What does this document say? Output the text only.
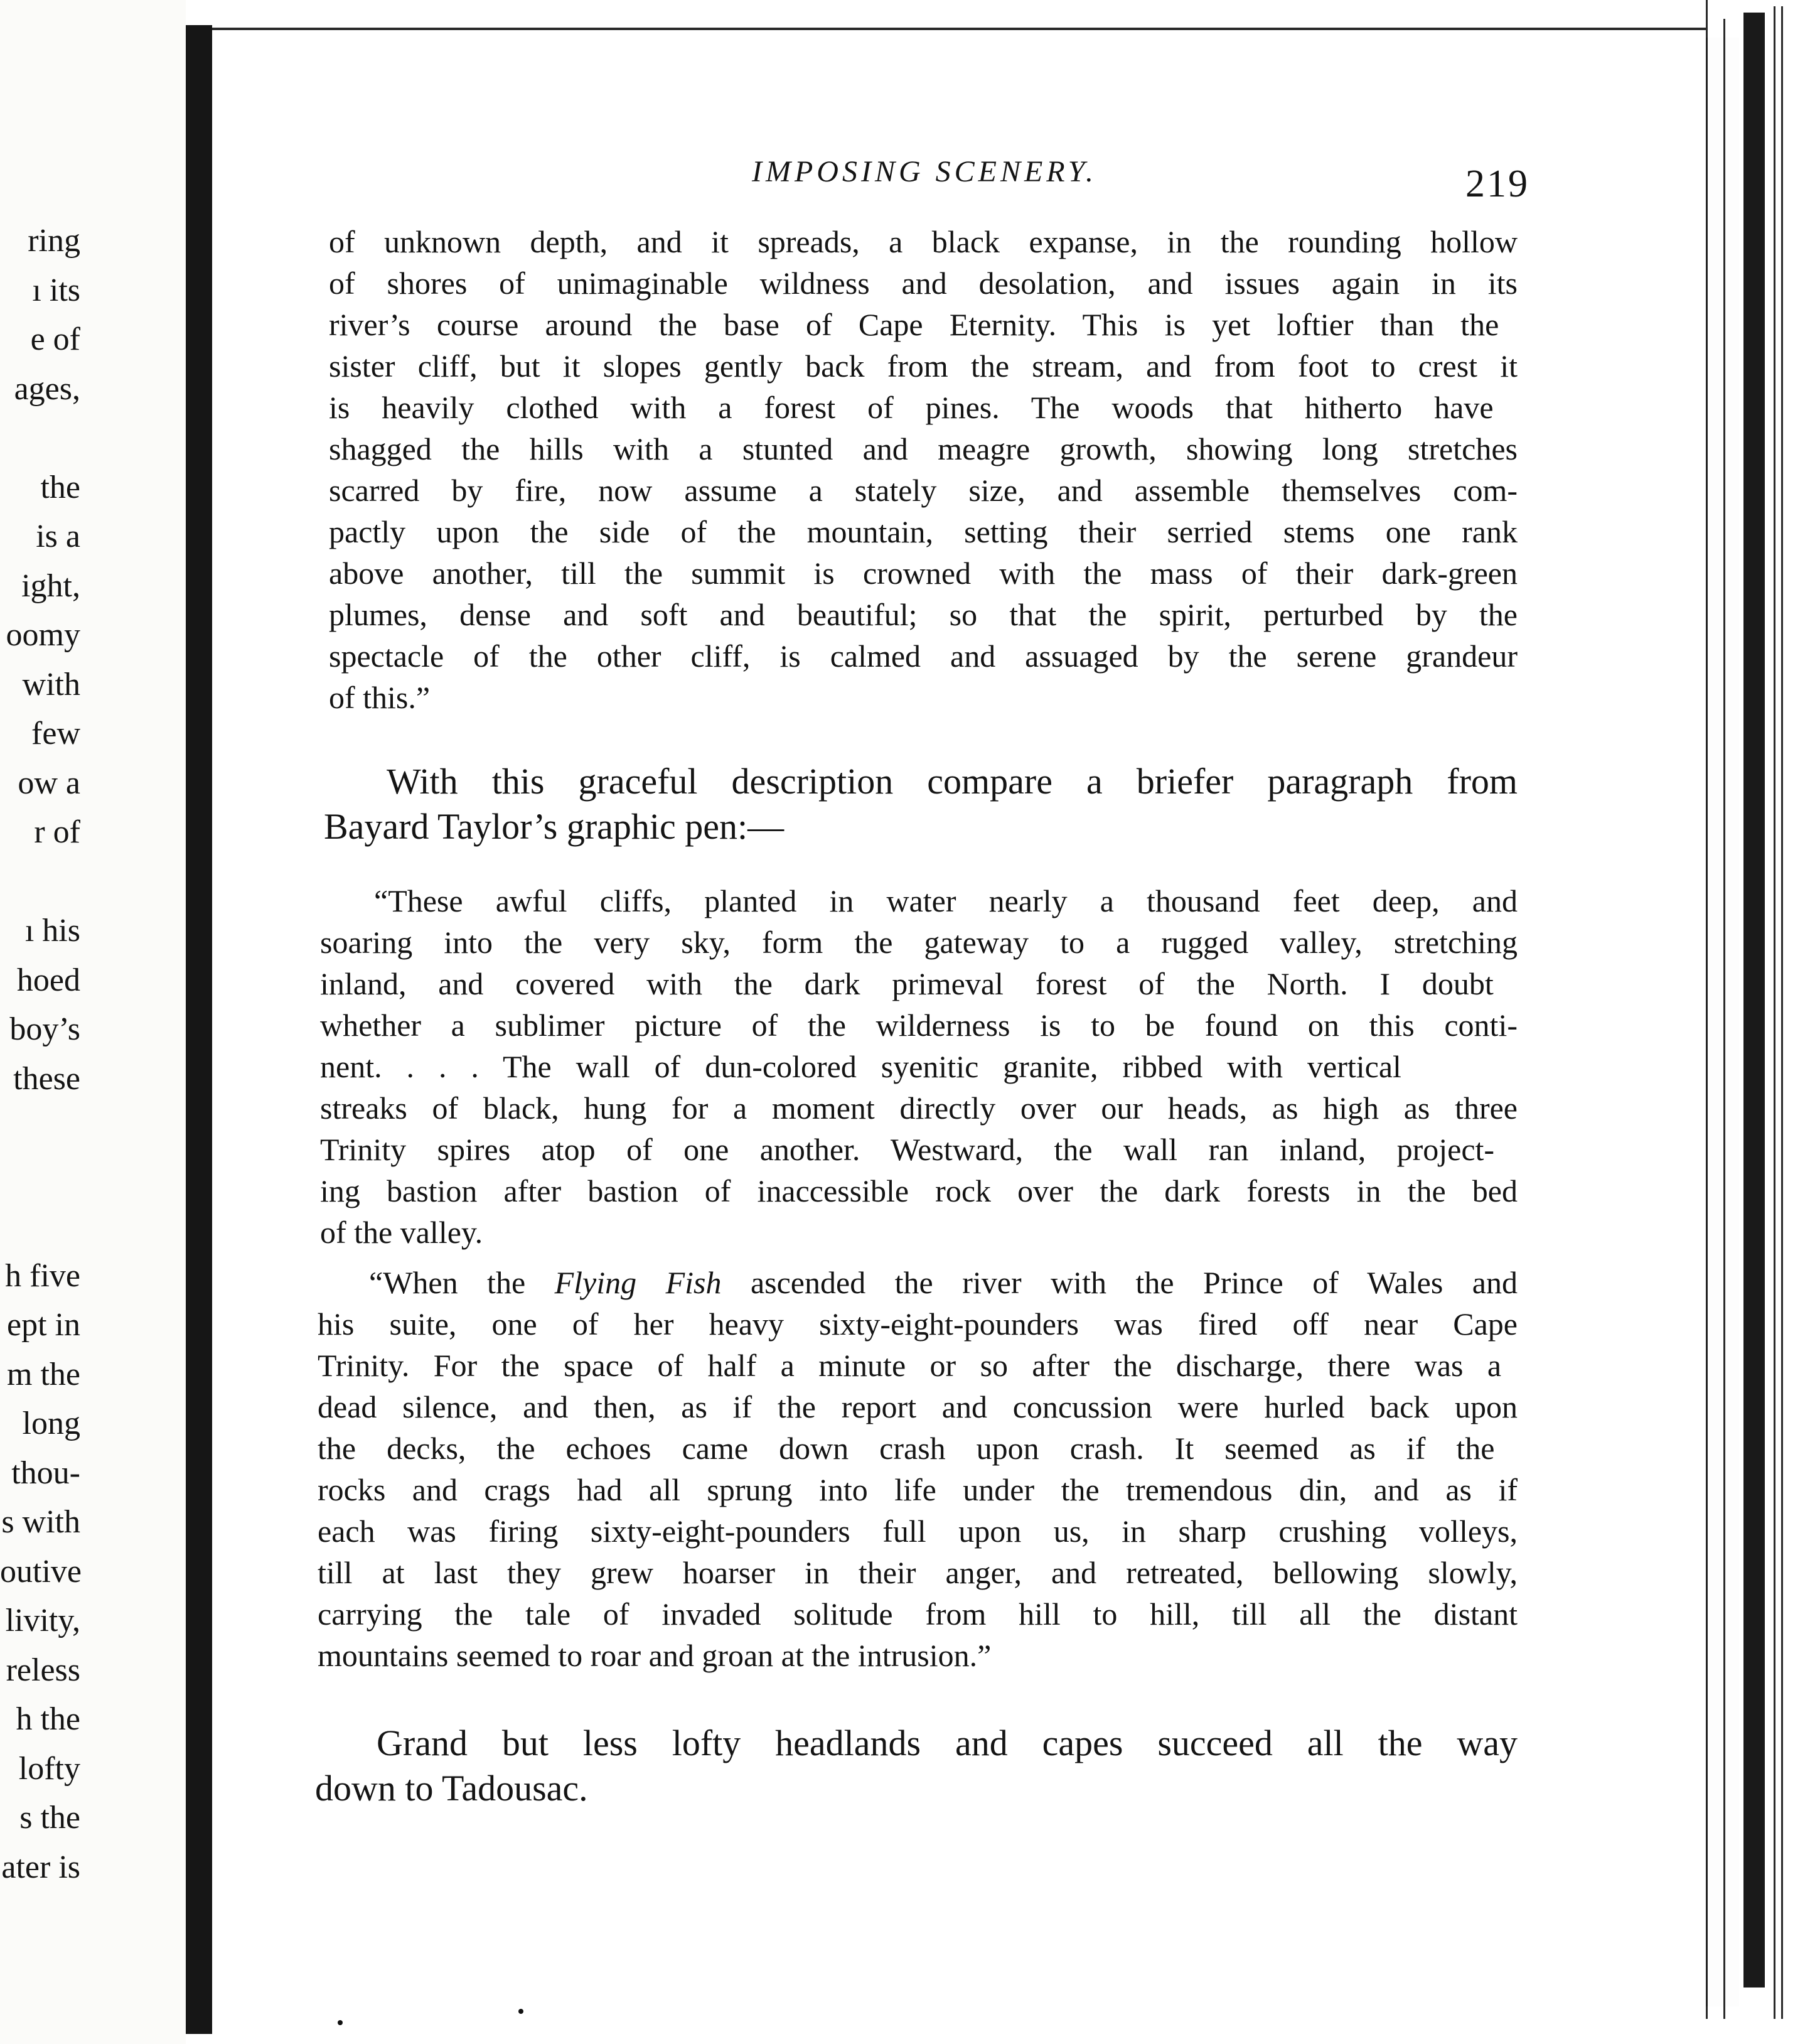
ring
ı its
e of
ages,
the
is a
ight,
oomy
with
few
ow a
r of
ı his
hoed
boy’s
these
h five
ept in
m the
long
thou-
s with
outive
livity,
reless
h the
lofty
s the
ater is
IMPOSING SCENERY.	219
of unknown depth, and it spreads, a black expanse, in the rounding hollow
of shores of unimaginable wildness and desolation, and issues again in its
river’s course around the base of Cape Eternity. This is yet loftier than the
sister cliff, but it slopes gently back from the stream, and from foot to crest it
is heavily clothed with a forest of pines. The woods that hitherto have
shagged the hills with a stunted and meagre growth, showing long stretches
scarred by fire, now assume a stately size, and assemble themselves com-
pactly upon the side of the mountain, setting their serried stems one rank
above another, till the summit is crowned with the mass of their dark-green
plumes, dense and soft and beautiful; so that the spirit, perturbed by the
spectacle of the other cliff, is calmed and assuaged by the serene grandeur
of this.”
With this graceful description compare a briefer paragraph from
Bayard Taylor’s graphic pen:—
“These awful cliffs, planted in water nearly a thousand feet deep, and
soaring into the very sky, form the gateway to a rugged valley, stretching
inland, and covered with the dark primeval forest of the North. I doubt
whether a sublimer picture of the wilderness is to be found on this conti-
nent. . . . The wall of dun-colored syenitic granite, ribbed with vertical
streaks of black, hung for a moment directly over our heads, as high as three
Trinity spires atop of one another. Westward, the wall ran inland, project-
ing bastion after bastion of inaccessible rock over the dark forests in the bed
of the valley.
“When the Flying Fish ascended the river with the Prince of Wales and
his suite, one of her heavy sixty-eight-pounders was fired off near Cape
Trinity. For the space of half a minute or so after the discharge, there was a
dead silence, and then, as if the report and concussion were hurled back upon
the decks, the echoes came down crash upon crash. It seemed as if the
rocks and crags had all sprung into life under the tremendous din, and as if
each was firing sixty-eight-pounders full upon us, in sharp crushing volleys,
till at last they grew hoarser in their anger, and retreated, bellowing slowly,
carrying the tale of invaded solitude from hill to hill, till all the distant
mountains seemed to roar and groan at the intrusion.”
Grand but less lofty headlands and capes succeed all the way
down to Tadousac.
